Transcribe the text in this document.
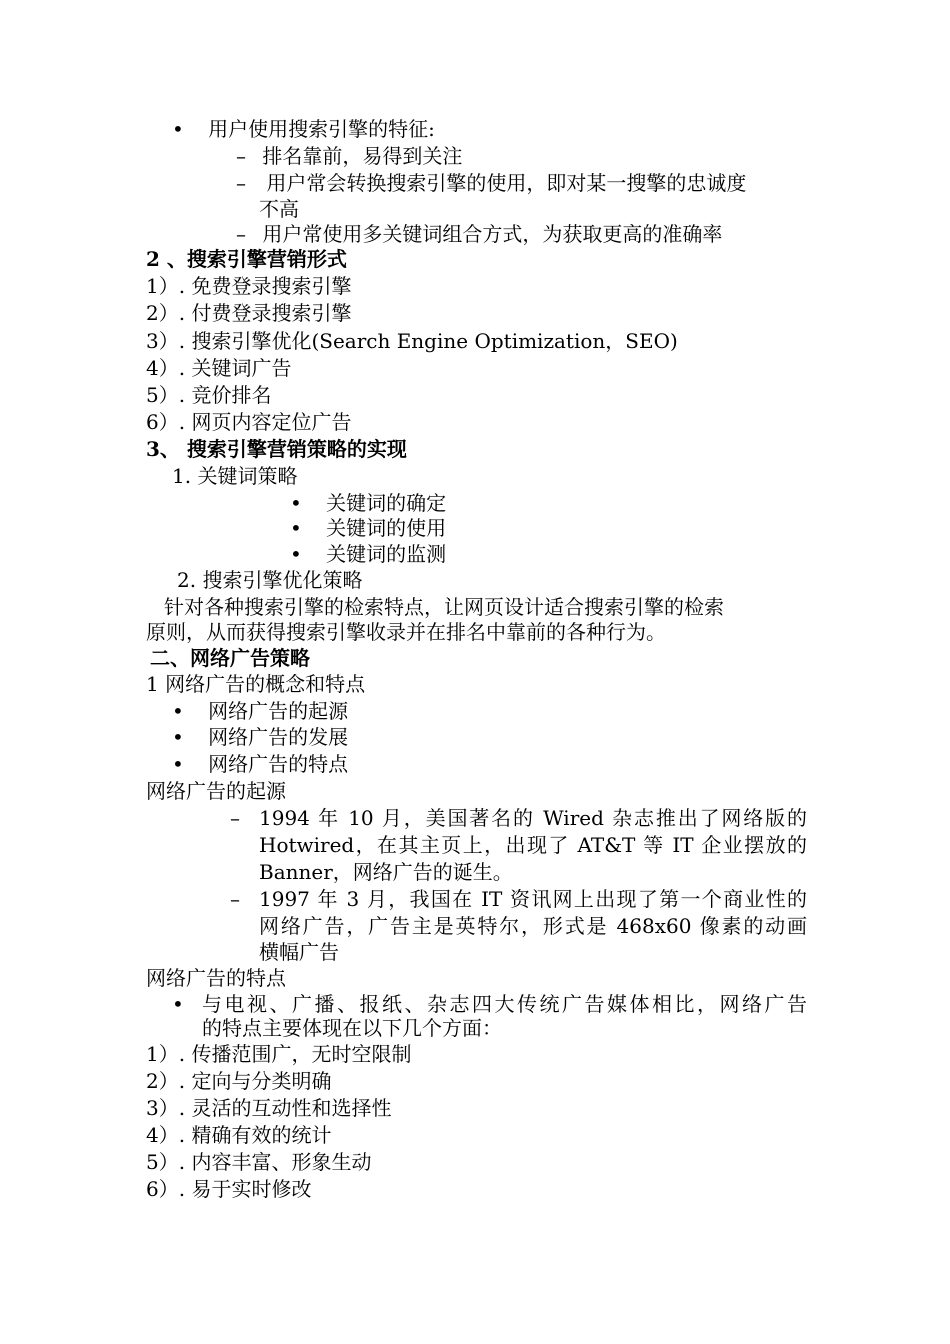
• 用户使用搜索引擎的特征:
– 排名靠前，易得到关注
– 用户常会转换搜索引擎的使用，即对某一搜擎的忠诚度
不高
– 用户常使用多关键词组合方式，为获取更高的准确率
2 、搜索引擎营销形式
1）. 免费登录搜索引擎
2）. 付费登录搜索引擎
3）. 搜索引擎优化(Search Engine Optimization，SEO)
4）. 关键词广告
5）. 竞价排名
6）. 网页内容定位广告
3、 搜索引擎营销策略的实现
1. 关键词策略
• 关键词的确定
• 关键词的使用
• 关键词的监测
2. 搜索引擎优化策略
针对各种搜索引擎的检索特点，让网页设计适合搜索引擎的检索
原则，从而获得搜索引擎收录并在排名中靠前的各种行为。
二、网络广告策略
1 网络广告的概念和特点
• 网络广告的起源
• 网络广告的发展
• 网络广告的特点
网络广告的起源
– 1994 年 10 月，美国著名的 Wired 杂志推出了网络版的
Hotwired，在其主页上，出现了 AT&T 等 IT 企业摆放的
Banner，网络广告的诞生。
– 1997 年 3 月，我国在 IT 资讯网上出现了第一个商业性的
网络广告，广告主是英特尔，形式是 468x60 像素的动画
横幅广告
网络广告的特点
• 与电视、广播、报纸、杂志四大传统广告媒体相比，网络广告
的特点主要体现在以下几个方面：
1）. 传播范围广，无时空限制
2）. 定向与分类明确
3）. 灵活的互动性和选择性
4）. 精确有效的统计
5）. 内容丰富、形象生动
6）. 易于实时修改
